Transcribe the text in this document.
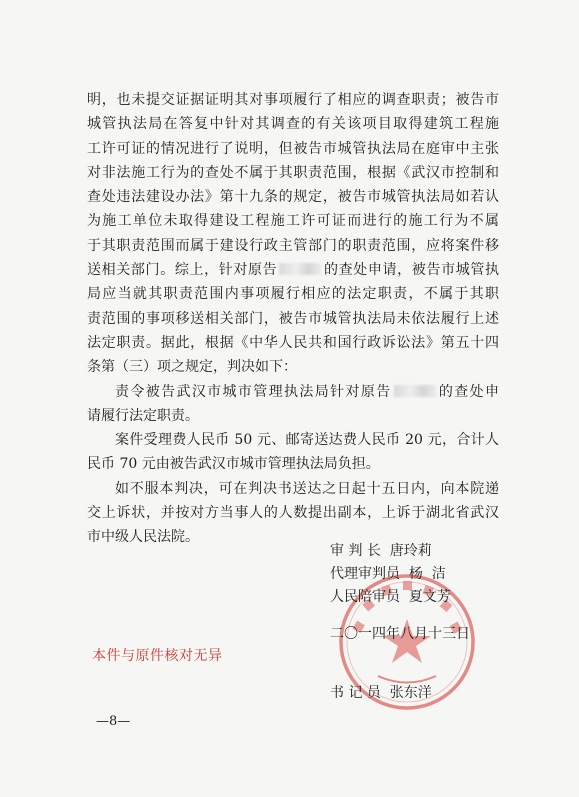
明，也未提交证据证明其对事项履行了相应的调查职责；被告市

城管执法局在答复中针对其调查的有关该项目取得建筑工程施

工许可证的情况进行了说明，但被告市城管执法局在庭审中主张

对非法施工行为的查处不属于其职责范围，根据《武汉市控制和

查处违法建设办法》第十九条的规定，被告市城管执法局如若认

为施工单位未取得建设工程施工许可证而进行的施工行为不属

于其职责范围而属于建设行政主管部门的职责范围，应将案件移

送相关部门。综上，针对原告	的查处申请，被告市城管执

局应当就其职责范围内事项履行相应的法定职责，不属于其职

责范围的事项移送相关部门，被告市城管执法局未依法履行上述

法定职责。据此，根据《中华人民共和国行政诉讼法》第五十四

条第（三）项之规定，判决如下：

责令被告武汉市城市管理执法局针对原告	的查处申

请履行法定职责。

案件受理费人民币 50 元、邮寄送达费人民币 20 元，合计人

民币 70 元由被告武汉市城市管理执法局负担。

如不服本判决，可在判决书送达之日起十五日内，向本院递

交上诉状，并按对方当事人的人数提出副本，上诉于湖北省武汉

市中级人民法院。

审 判 长  唐玲莉
代理审判员  杨  洁
人民陪审员  夏文芳
二〇一四年八月十三日
书 记 员  张东洋
本件与原件核对无异
—8—
